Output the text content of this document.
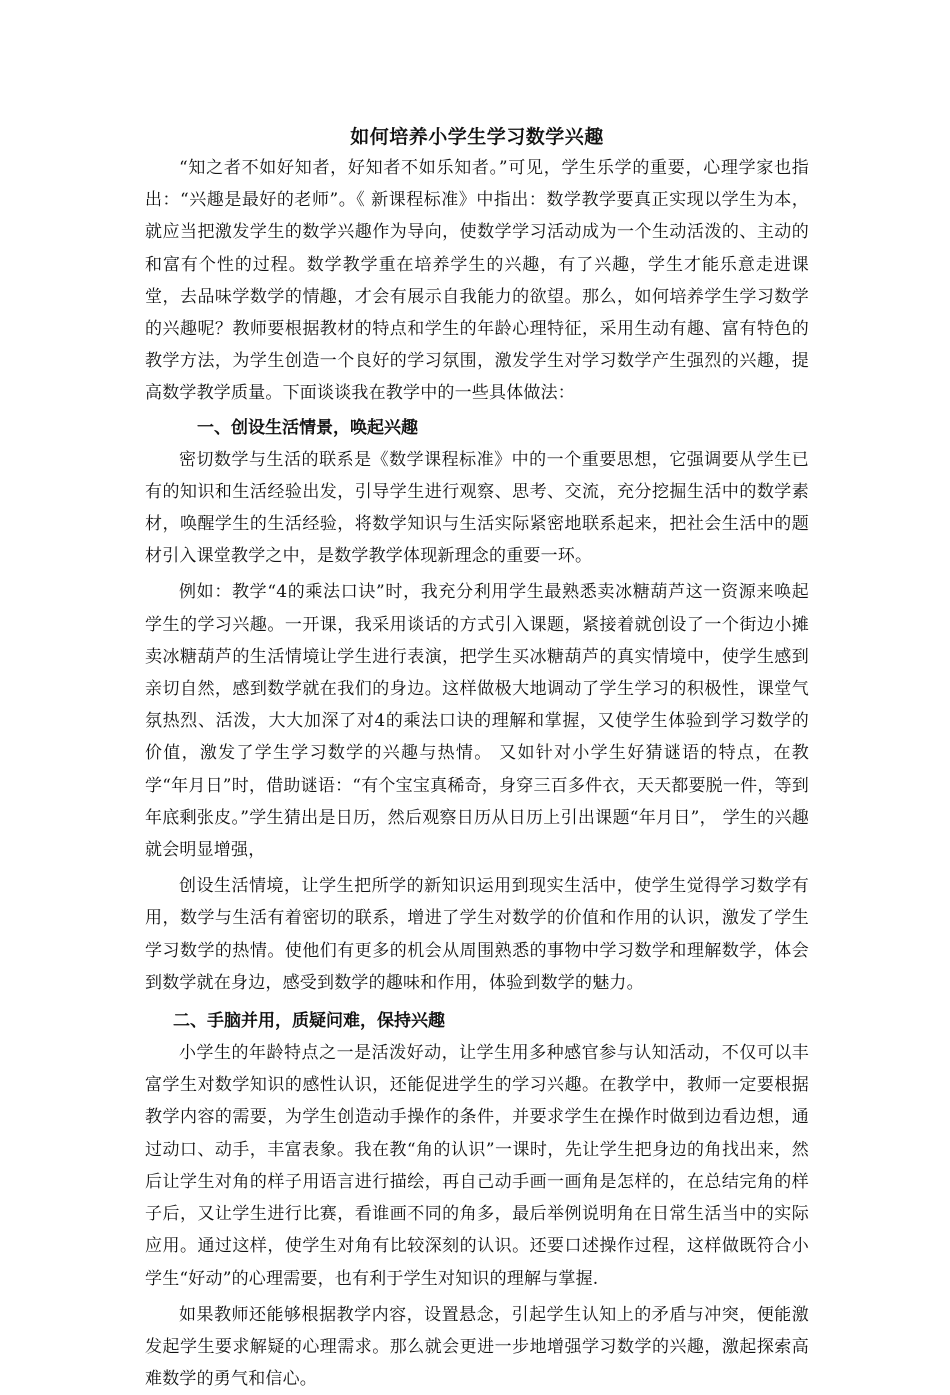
如何培养小学生学习数学兴趣

“知之者不如好知者，好知者不如乐知者。”可见，学生乐学的重要，心理学家也指出：“兴趣是最好的老师”。《 新课程标准》中指出：数学教学要真正实现以学生为本，就应当把激发学生的数学兴趣作为导向，使数学学习活动成为一个生动活泼的、主动的和富有个性的过程。数学教学重在培养学生的兴趣，有了兴趣，学生才能乐意走进课堂，去品味学数学的情趣，才会有展示自我能力的欲望。那么，如何培养学生学习数学的兴趣呢？教师要根据教材的特点和学生的年龄心理特征，采用生动有趣、富有特色的教学方法，为学生创造一个良好的学习氛围，激发学生对学习数学产生强烈的兴趣，提高数学教学质量。下面谈谈我在教学中的一些具体做法：

一、创设生活情景，唤起兴趣

密切数学与生活的联系是《数学课程标准》中的一个重要思想，它强调要从学生已有的知识和生活经验出发，引导学生进行观察、思考、交流，充分挖掘生活中的数学素材，唤醒学生的生活经验，将数学知识与生活实际紧密地联系起来，把社会生活中的题材引入课堂教学之中，是数学教学体现新理念的重要一环。

例如：教学“4的乘法口诀”时，我充分利用学生最熟悉卖冰糖葫芦这一资源来唤起学生的学习兴趣。一开课，我采用谈话的方式引入课题，紧接着就创设了一个街边小摊卖冰糖葫芦的生活情境让学生进行表演，把学生买冰糖葫芦的真实情境中，使学生感到亲切自然，感到数学就在我们的身边。这样做极大地调动了学生学习的积极性，课堂气氛热烈、活泼，大大加深了对4的乘法口诀的理解和掌握，又使学生体验到学习数学的价值，激发了学生学习数学的兴趣与热情。 又如针对小学生好猜谜语的特点，在教学“年月日”时，借助谜语：“有个宝宝真稀奇，身穿三百多件衣，天天都要脱一件，等到年底剩张皮。”学生猜出是日历，然后观察日历从日历上引出课题“年月日”， 学生的兴趣就会明显增强，

创设生活情境，让学生把所学的新知识运用到现实生活中，使学生觉得学习数学有用，数学与生活有着密切的联系，增进了学生对数学的价值和作用的认识，激发了学生学习数学的热情。使他们有更多的机会从周围熟悉的事物中学习数学和理解数学，体会到数学就在身边，感受到数学的趣味和作用，体验到数学的魅力。

二、手脑并用，质疑问难，保持兴趣

小学生的年龄特点之一是活泼好动，让学生用多种感官参与认知活动，不仅可以丰富学生对数学知识的感性认识，还能促进学生的学习兴趣。在教学中，教师一定要根据教学内容的需要，为学生创造动手操作的条件，并要求学生在操作时做到边看边想，通过动口、动手，丰富表象。我在教“角的认识”一课时，先让学生把身边的角找出来，然后让学生对角的样子用语言进行描绘，再自己动手画一画角是怎样的，在总结完角的样子后，又让学生进行比赛，看谁画不同的角多，最后举例说明角在日常生活当中的实际应用。通过这样，使学生对角有比较深刻的认识。还要口述操作过程，这样做既符合小学生“好动”的心理需要，也有利于学生对知识的理解与掌握.

如果教师还能够根据教学内容，设置悬念，引起学生认知上的矛盾与冲突，便能激发起学生要求解疑的心理需求。那么就会更进一步地增强学习数学的兴趣，激起探索高难数学的勇气和信心。
